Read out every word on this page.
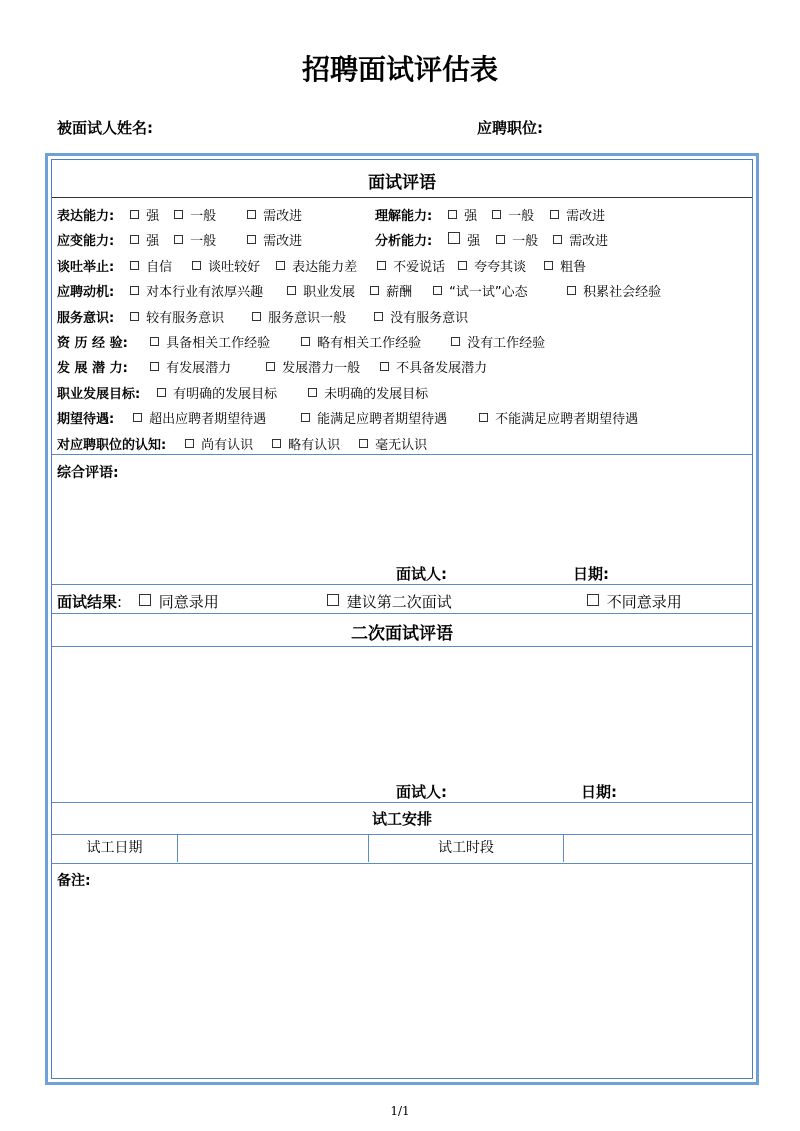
招聘面试评估表
被面试人姓名:	应聘职位:
面试评语
表达能力:	强	一般	需改进	理解能力:	强	一般	需改进
应变能力:	强	一般	需改进	分析能力:	强	一般	需改进
谈吐举止:	自信	谈吐较好	表达能力差	不爱说话	夸夸其谈	粗鲁
应聘动机:	对本行业有浓厚兴趣	职业发展	薪酬	“试一试”心态	积累社会经验
服务意识:	较有服务意识	服务意识一般	没有服务意识
资 历 经 验:	具备相关工作经验	略有相关工作经验	没有工作经验
发 展 潜 力:	有发展潜力	发展潜力一般	不具备发展潜力
职业发展目标:	有明确的发展目标	未明确的发展目标
期望待遇:	超出应聘者期望待遇	能满足应聘者期望待遇	不能满足应聘者期望待遇
对应聘职位的认知:	尚有认识	略有认识	毫无认识
综合评语:
面试人:	日期:
面试结果:	同意录用	建议第二次面试	不同意录用
二次面试评语
面试人:	日期:
试工安排
试工日期	试工时段
备注:
1/1
